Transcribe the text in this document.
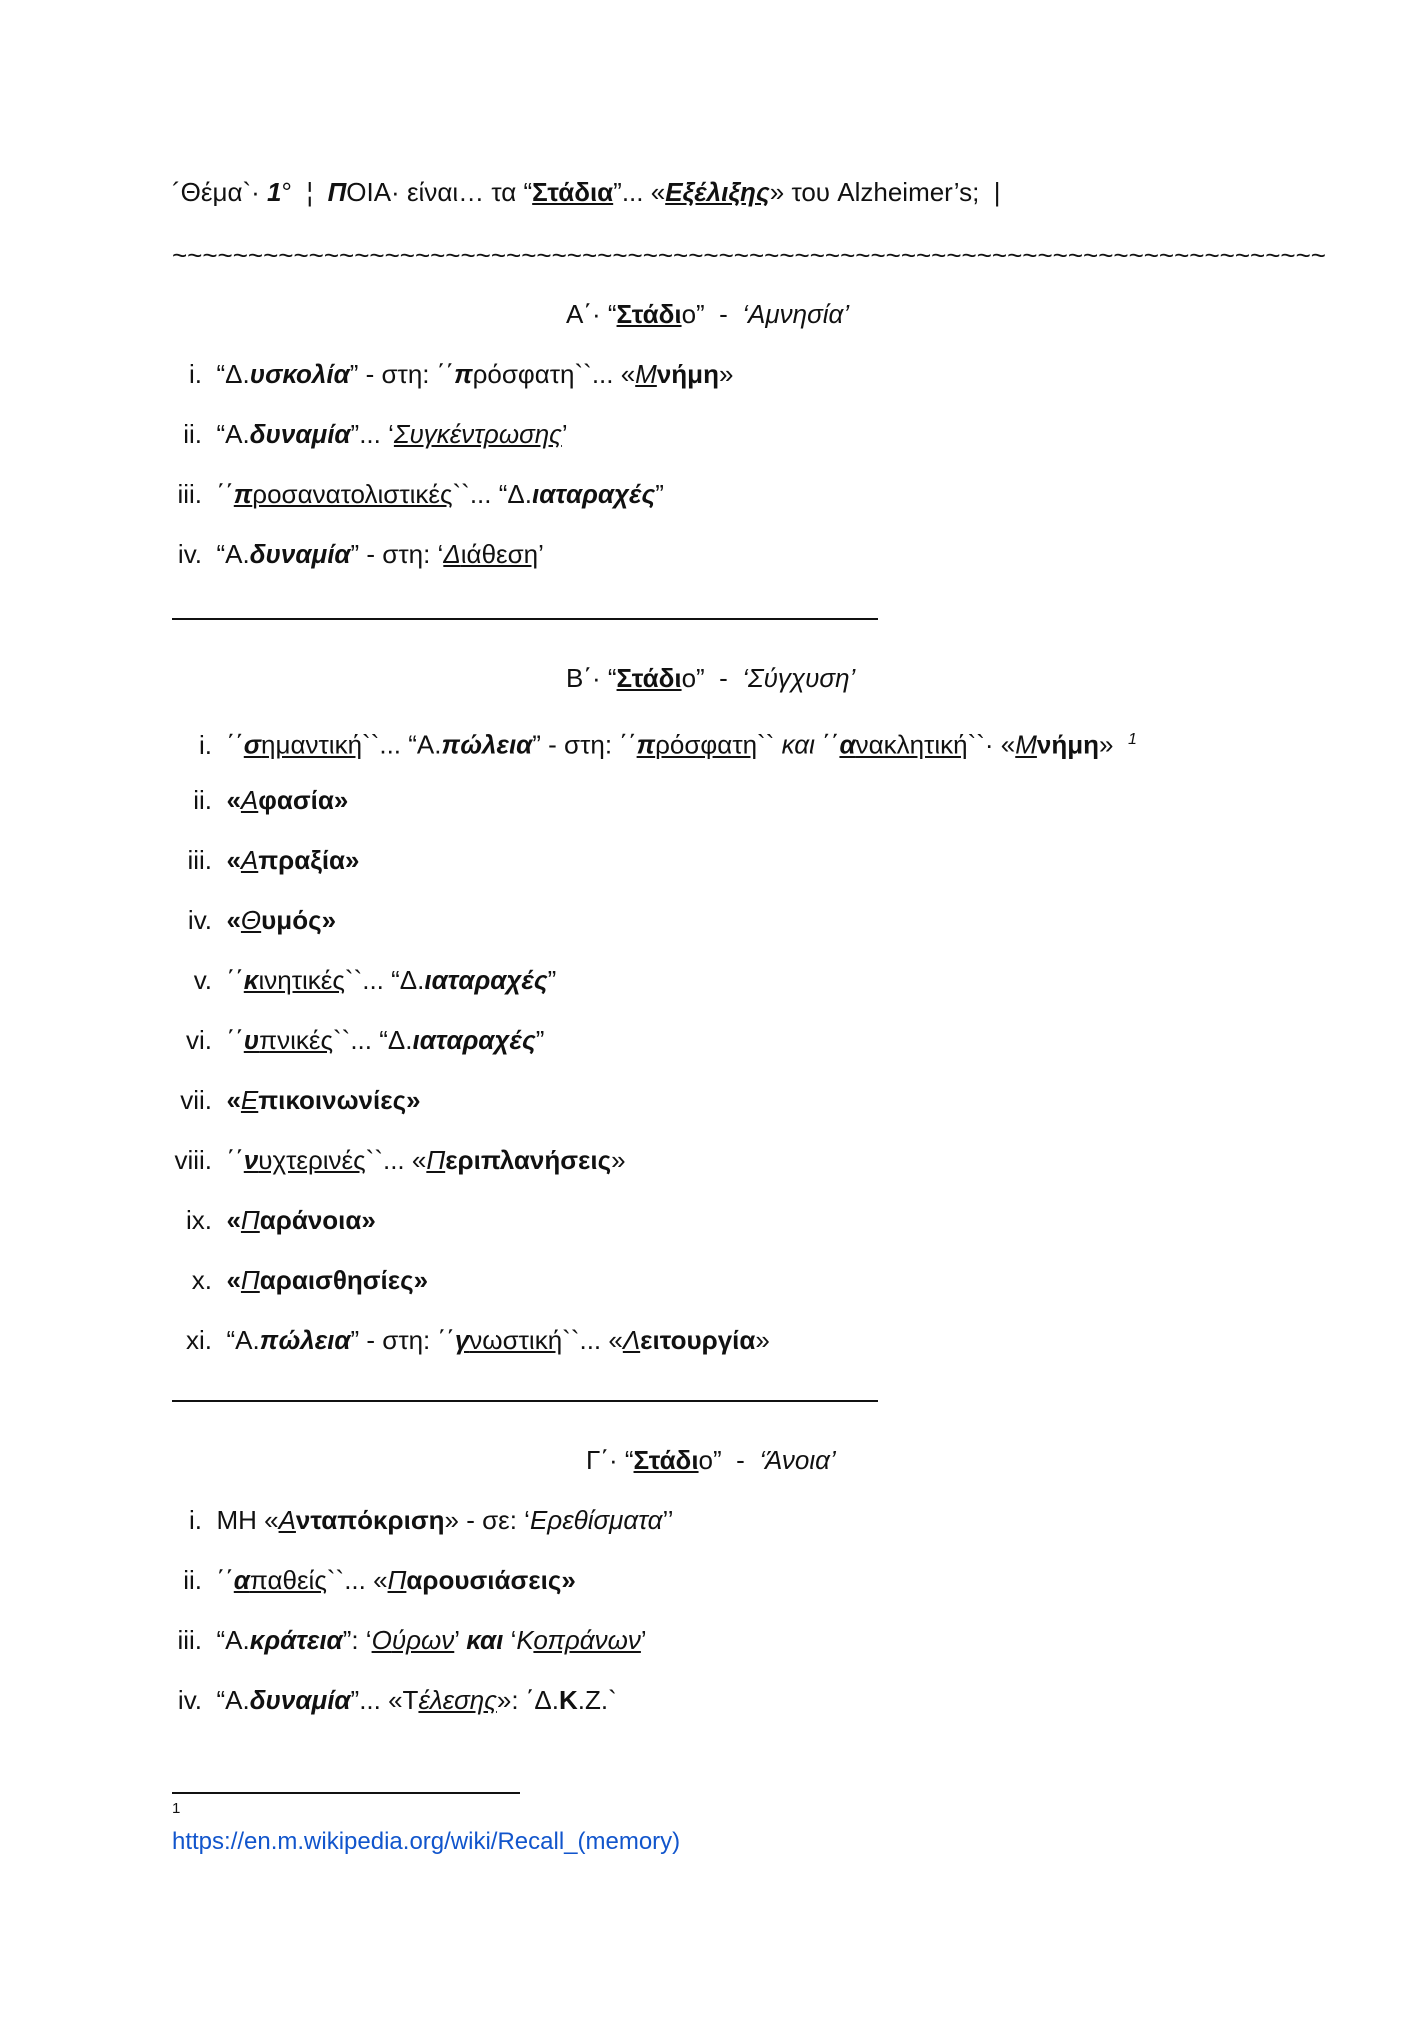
´Θέμα`· 1° ¦ ΠΟΙΑ· είναι… τα “Στάδια”... «Εξέλιξης» του Alzheimer’s; |
~~~~~~~~~~~~~~~~~~~~~~~~~~~~~~~~~~~~~~~~~~~~~~~~~~~~~~~~~~~~~~~~~~~~~~~~~~~~
Α΄· “Στάδιο” - ‘Αμνησία’
i. “Δ.υσκολία” - στη: ΄΄πρόσφατη``... «Μνήμη»
ii. “Α.δυναμία”... ‘Συγκέντρωσης’
iii. ΄΄προσανατολιστικές``... “Δ.ιαταραχές”
iv. “Α.δυναμία” - στη: ‘Διάθεση’
Β΄· “Στάδιο” - ‘Σύγχυση’
i. ΄΄σημαντική``... “Α.πώλεια” - στη: ΄΄πρόσφατη`` και ΄΄ανακλητική``· «Μνήμη» $^1$
ii. «Αφασία»
iii. «Απραξία»
iv. «Θυμός»
v. ΄΄κινητικές``... “Δ.ιαταραχές”
vi. ΄΄υπνικές``... “Δ.ιαταραχές”
vii. «Επικοινωνίες»
viii. ΄΄νυχτερινές``... «Περιπλανήσεις»
ix. «Παράνοια»
x. «Παραισθησίες»
xi. “Α.πώλεια” - στη: ΄΄γνωστική``... «Λειτουργία»
Γ΄· “Στάδιο” - ‘Άνοια’
i. ΜΗ «Ανταπόκριση» - σε: ‘Ερεθίσματα’’
ii. ΄΄απαθείς``... «Παρουσιάσεις»
iii. “Α.κράτεια”: ‘Ούρων’ και ‘Κοπράνων’
iv. “Α.δυναμία”... «Τέλεσης»: ΄Δ.Κ.Ζ.`
1
https://en.m.wikipedia.org/wiki/Recall_(memory)
